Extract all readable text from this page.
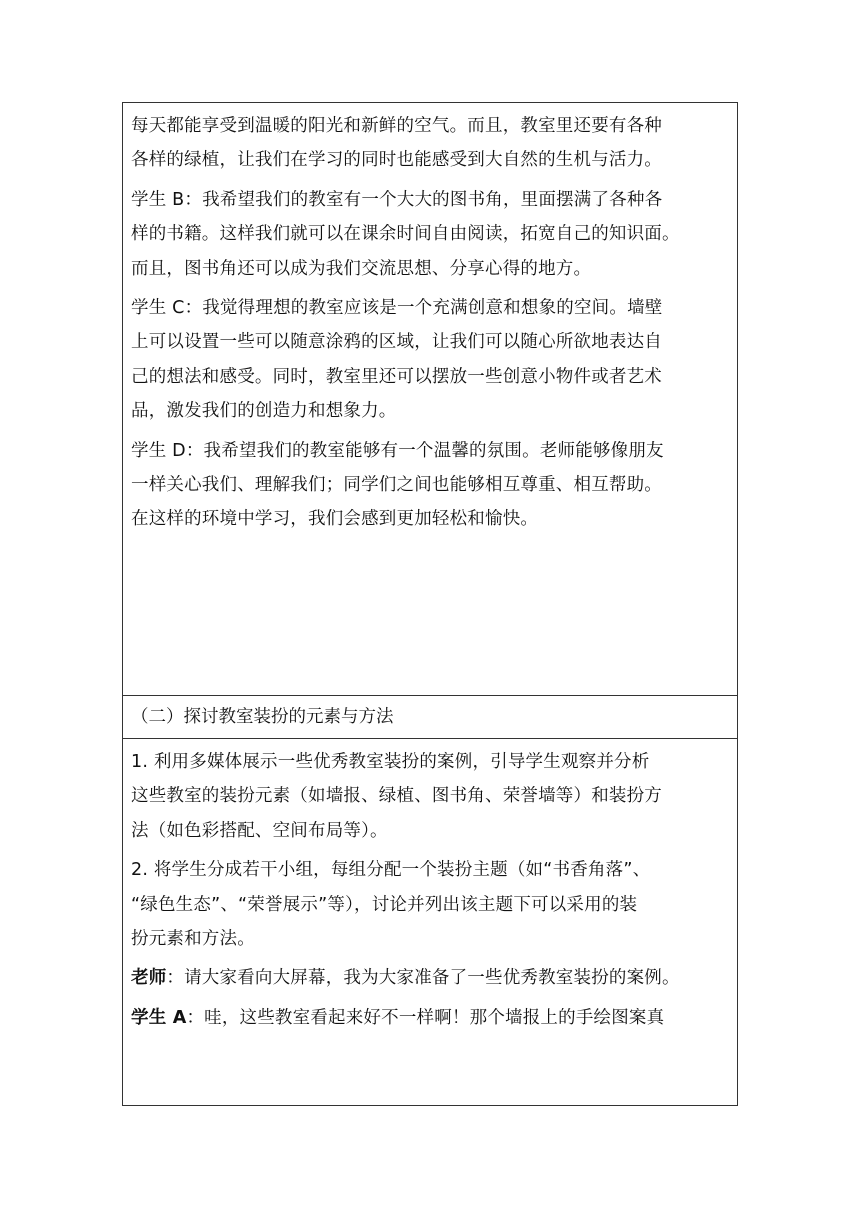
每天都能享受到温暖的阳光和新鲜的空气。而且，教室里还要有各种
各样的绿植，让我们在学习的同时也能感受到大自然的生机与活力。
学生 B：我希望我们的教室有一个大大的图书角，里面摆满了各种各
样的书籍。这样我们就可以在课余时间自由阅读，拓宽自己的知识面。
而且，图书角还可以成为我们交流思想、分享心得的地方。
学生 C：我觉得理想的教室应该是一个充满创意和想象的空间。墙壁
上可以设置一些可以随意涂鸦的区域，让我们可以随心所欲地表达自
己的想法和感受。同时，教室里还可以摆放一些创意小物件或者艺术
品，激发我们的创造力和想象力。
学生 D：我希望我们的教室能够有一个温馨的氛围。老师能够像朋友
一样关心我们、理解我们；同学们之间也能够相互尊重、相互帮助。
在这样的环境中学习，我们会感到更加轻松和愉快。

（二）探讨教室装扮的元素与方法

1. 利用多媒体展示一些优秀教室装扮的案例，引导学生观察并分析
这些教室的装扮元素（如墙报、绿植、图书角、荣誉墙等）和装扮方
法（如色彩搭配、空间布局等）。
2. 将学生分成若干小组，每组分配一个装扮主题（如“书香角落”、
“绿色生态”、“荣誉展示”等），讨论并列出该主题下可以采用的装
扮元素和方法。
老师：请大家看向大屏幕，我为大家准备了一些优秀教室装扮的案例。
学生 A：哇，这些教室看起来好不一样啊！那个墙报上的手绘图案真
